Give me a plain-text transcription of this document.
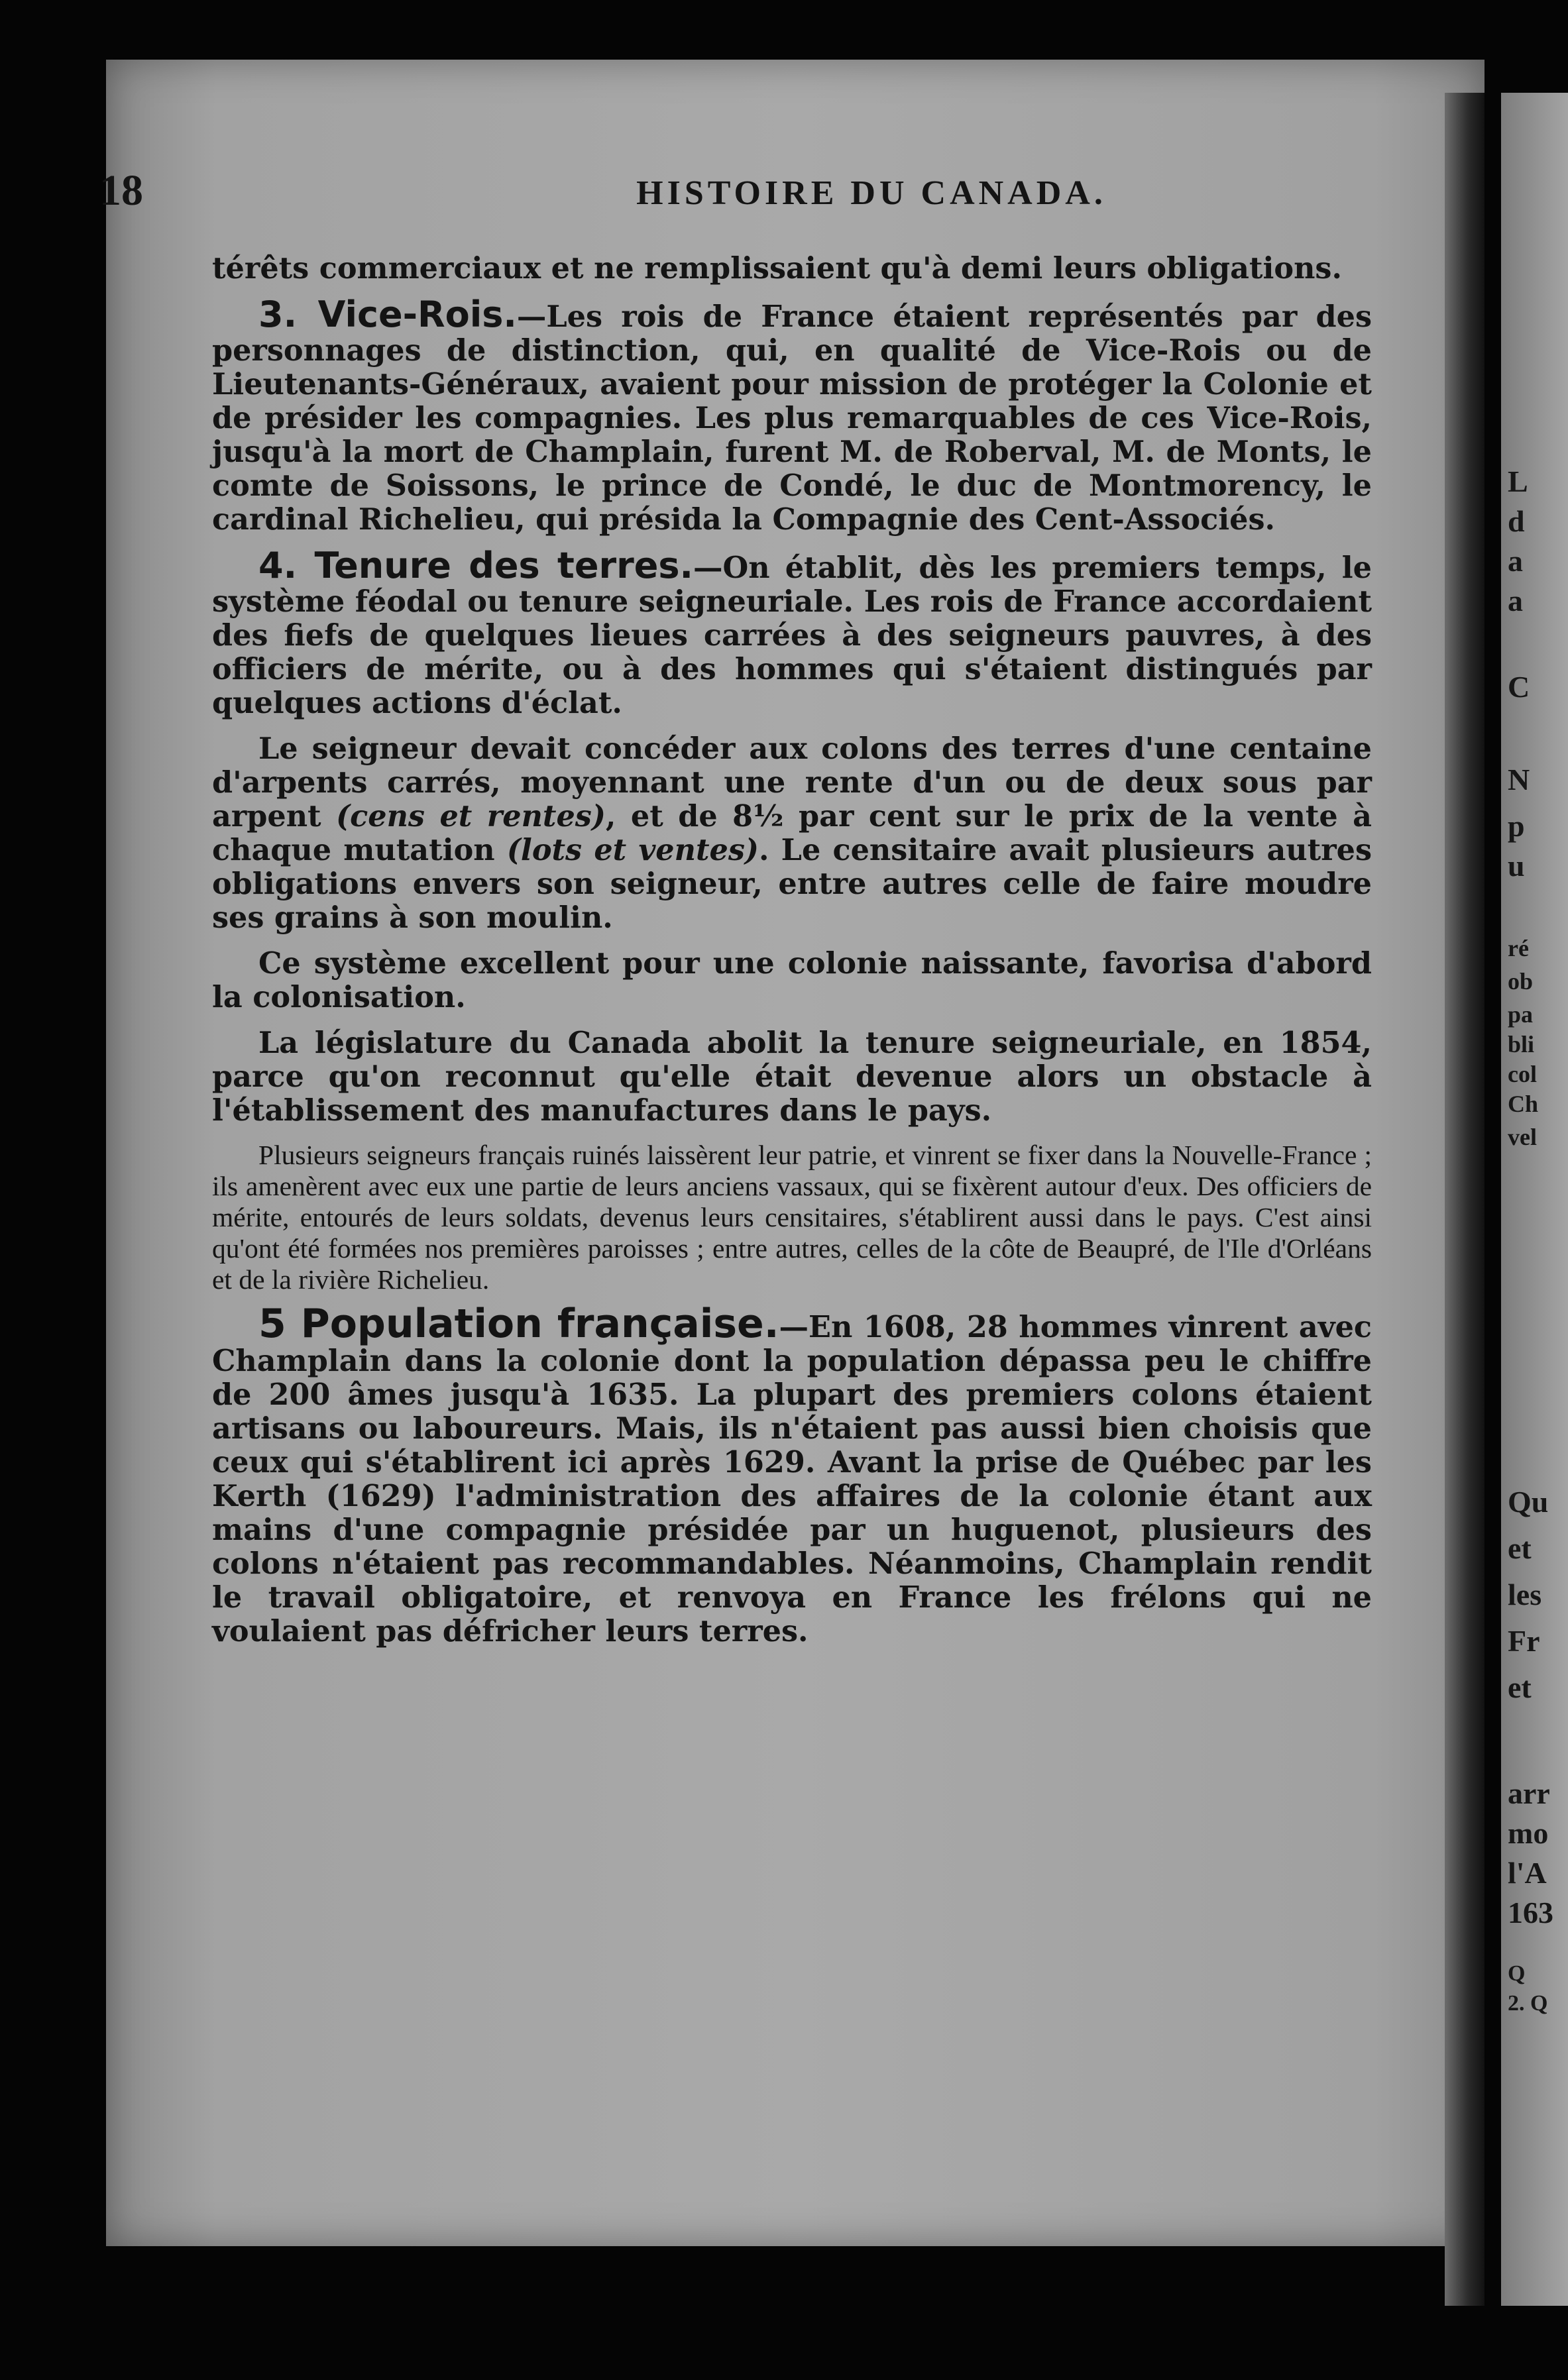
L
d
a
a
C
N
p
u
ré
ob
pa
bli
col
Ch
vel
Qu
et
les
Fr
et
arr
mo
l'A
163
Q
2. Q
18	HISTOIRE DU CANADA.

térêts commerciaux et ne remplissaient qu'à demi leurs obligations.

3. Vice-Rois.—Les rois de France étaient représentés par des personnages de distinction, qui, en qualité de Vice-Rois ou de Lieutenants-Généraux, avaient pour mission de protéger la Colonie et de présider les compagnies. Les plus remarquables de ces Vice-Rois, jusqu'à la mort de Champlain, furent M. de Roberval, M. de Monts, le comte de Soissons, le prince de Condé, le duc de Montmorency, le cardinal Richelieu, qui présida la Compagnie des Cent-Associés.

4. Tenure des terres.—On établit, dès les premiers temps, le système féodal ou tenure seigneuriale. Les rois de France accordaient des fiefs de quelques lieues carrées à des seigneurs pauvres, à des officiers de mérite, ou à des hommes qui s'étaient distingués par quelques actions d'éclat.

Le seigneur devait concéder aux colons des terres d'une centaine d'arpents carrés, moyennant une rente d'un ou de deux sous par arpent (cens et rentes), et de 8½ par cent sur le prix de la vente à chaque mutation (lots et ventes). Le censitaire avait plusieurs autres obligations envers son seigneur, entre autres celle de faire moudre ses grains à son moulin.

Ce système excellent pour une colonie naissante, favorisa d'abord la colonisation.

La législature du Canada abolit la tenure seigneuriale, en 1854, parce qu'on reconnut qu'elle était devenue alors un obstacle à l'établissement des manufactures dans le pays.

Plusieurs seigneurs français ruinés laissèrent leur patrie, et vinrent se fixer dans la Nouvelle-France ; ils amenèrent avec eux une partie de leurs anciens vassaux, qui se fixèrent autour d'eux. Des officiers de mérite, entourés de leurs soldats, devenus leurs censitaires, s'établirent aussi dans le pays. C'est ainsi qu'ont été formées nos premières paroisses ; entre autres, celles de la côte de Beaupré, de l'Ile d'Orléans et de la rivière Richelieu.

5 Population française.—En 1608, 28 hommes vinrent avec Champlain dans la colonie dont la population dépassa peu le chiffre de 200 âmes jusqu'à 1635. La plupart des premiers colons étaient artisans ou laboureurs. Mais, ils n'étaient pas aussi bien choisis que ceux qui s'établirent ici après 1629. Avant la prise de Québec par les Kerth (1629) l'administration des affaires de la colonie étant aux mains d'une compagnie présidée par un huguenot, plusieurs des colons n'étaient pas recommandables. Néanmoins, Champlain rendit le travail obligatoire, et renvoya en France les frélons qui ne voulaient pas défricher leurs terres.
